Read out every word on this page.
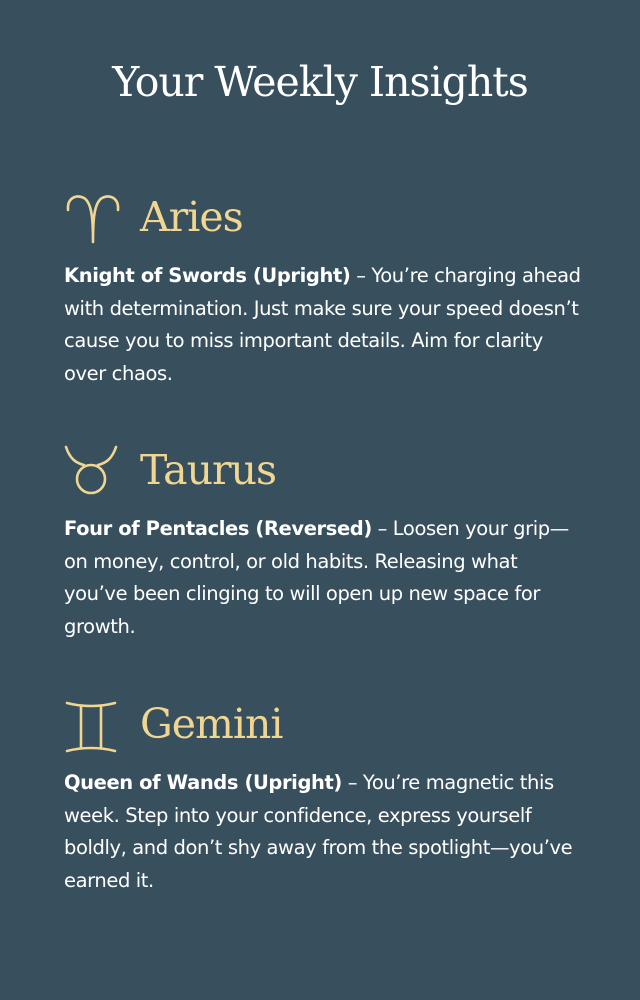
Your Weekly Insights
Aries

Knight of Swords (Upright) – You’re charging ahead with determination. Just make sure your speed doesn’t cause you to miss important details. Aim for clarity over chaos.

Taurus

Four of Pentacles (Reversed) – Loosen your grip—on money, control, or old habits. Releasing what you’ve been clinging to will open up new space for growth.

Gemini

Queen of Wands (Upright) – You’re magnetic this week. Step into your confidence, express yourself boldly, and don’t shy away from the spotlight—you’ve earned it.
